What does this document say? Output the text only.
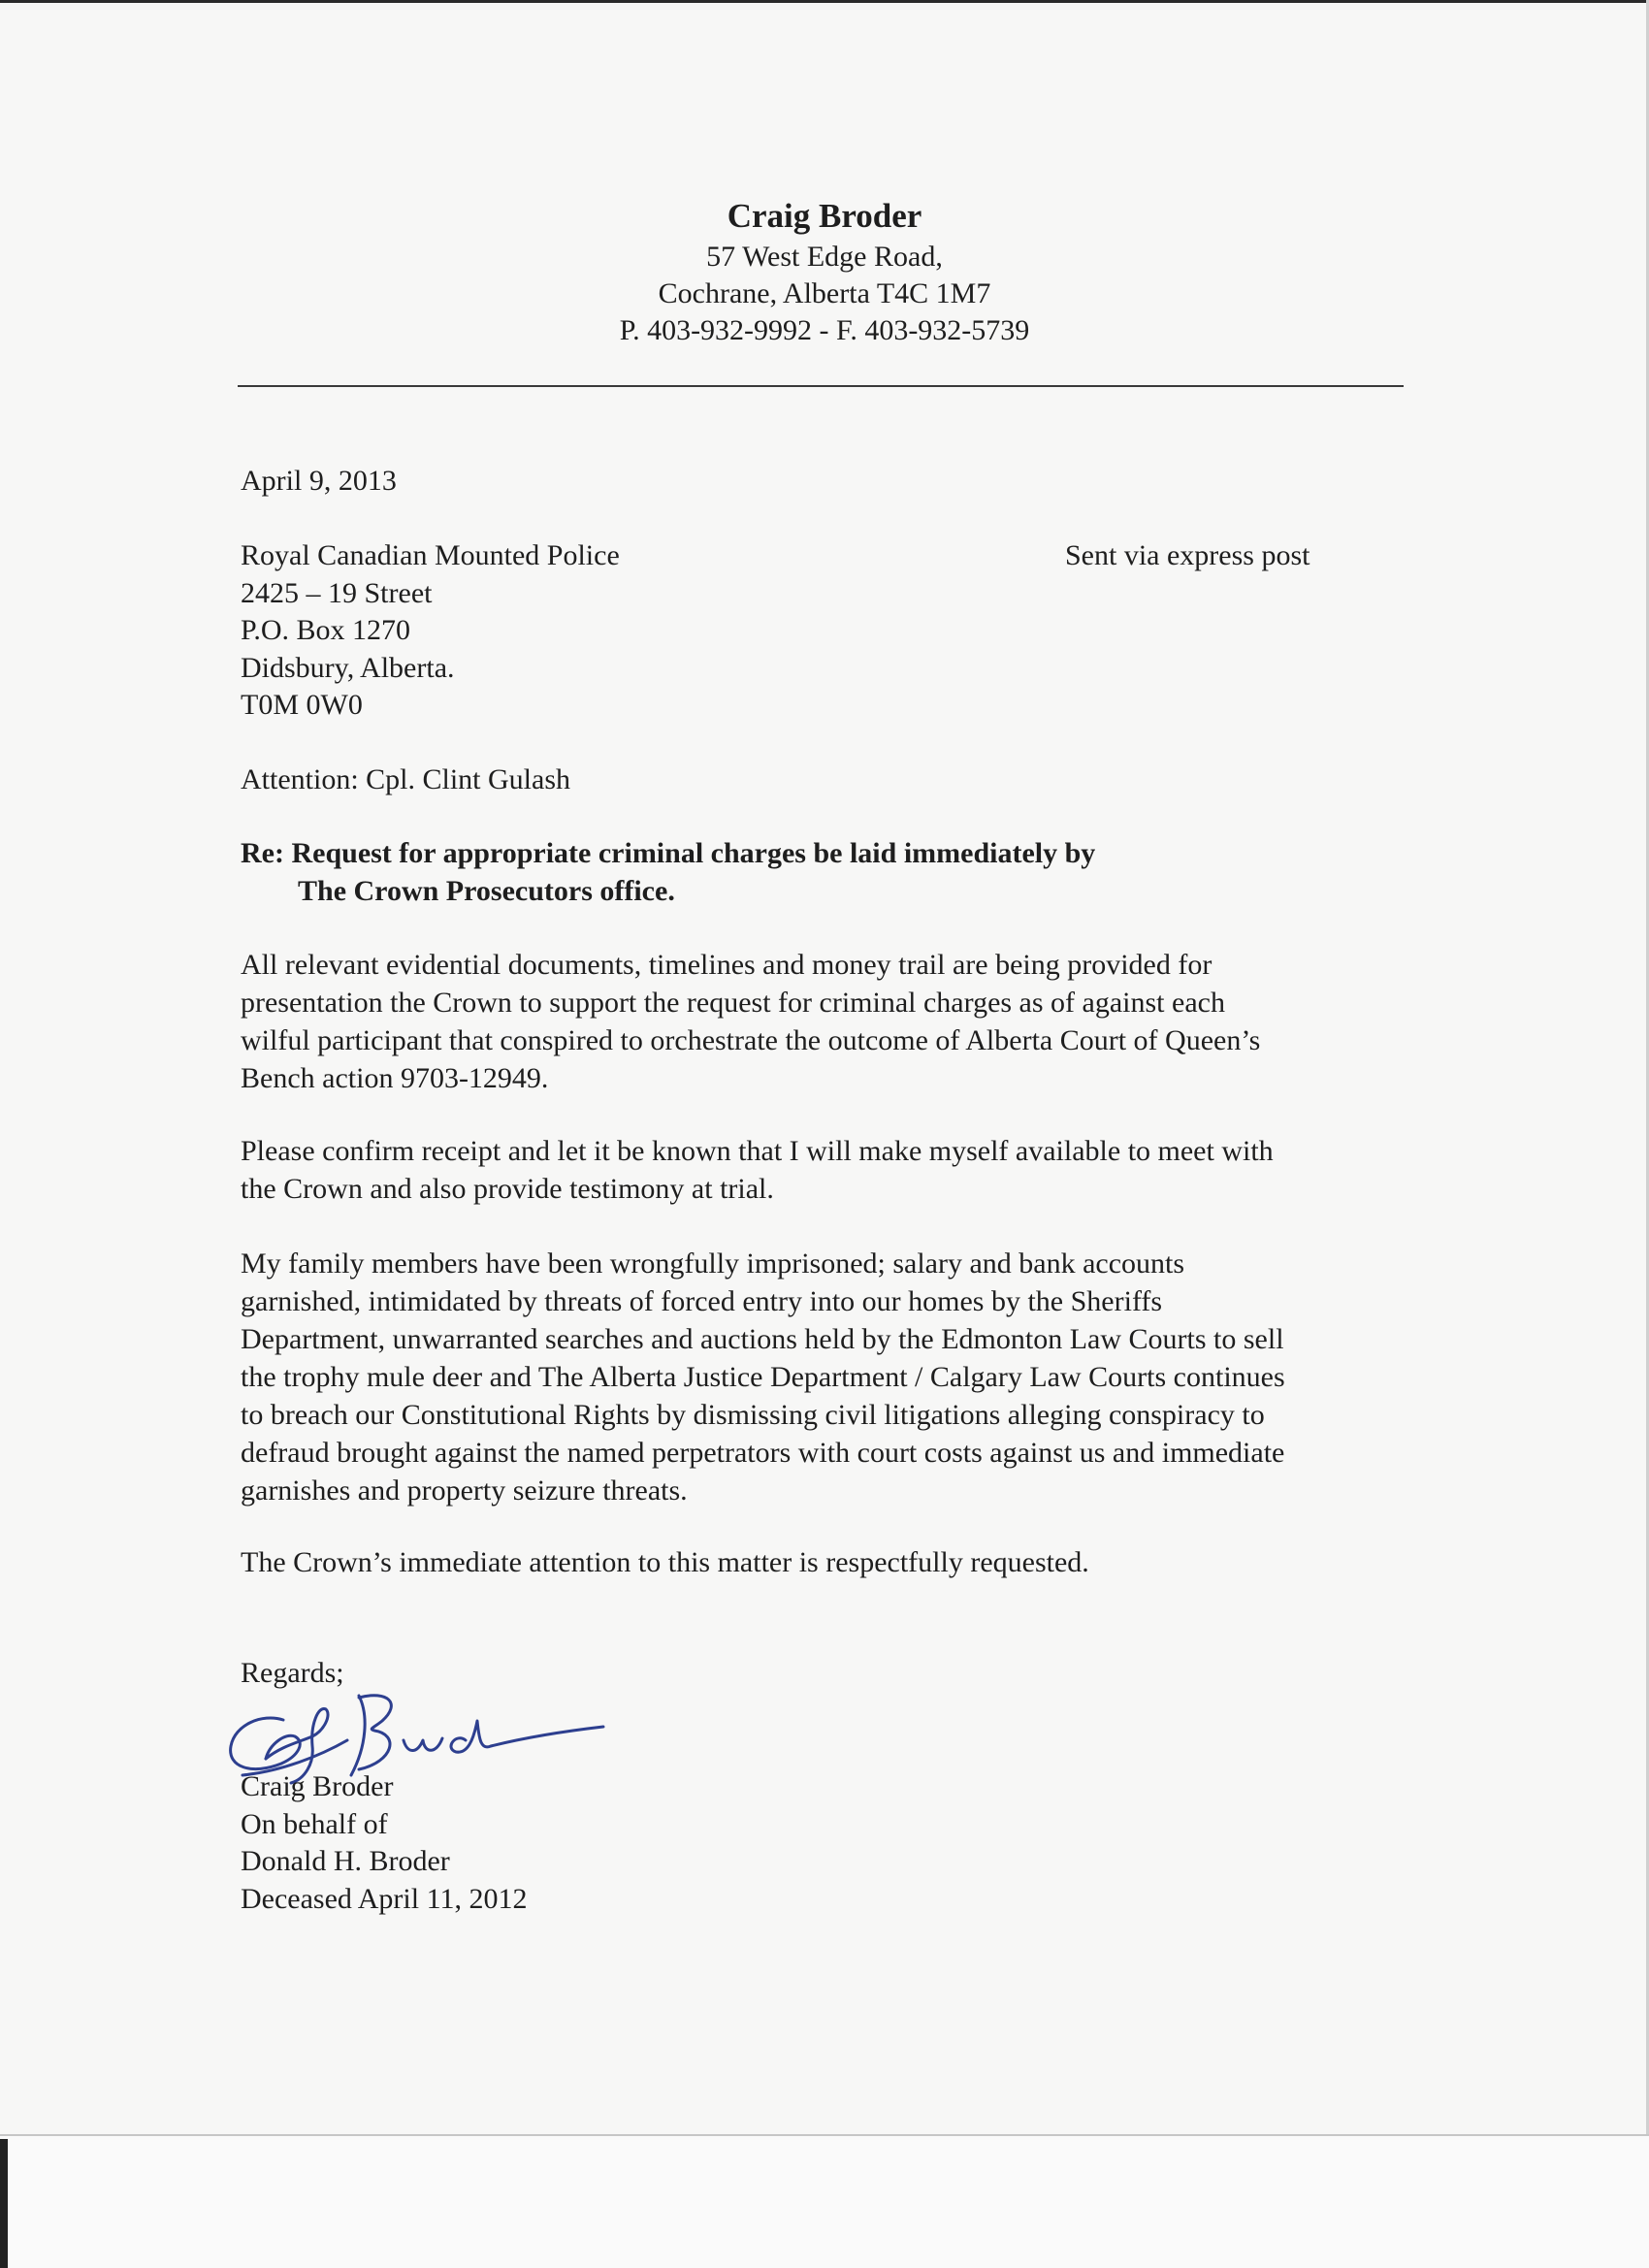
Craig Broder
57 West Edge Road,
Cochrane, Alberta T4C 1M7
P. 403-932-9992 - F. 403-932-5739
April 9, 2013
Royal Canadian Mounted Police
2425 – 19 Street
P.O. Box 1270
Didsbury, Alberta.
T0M 0W0
Sent via express post
Attention: Cpl. Clint Gulash
Re: Request for appropriate criminal charges be laid immediately by
The Crown Prosecutors office.
All relevant evidential documents, timelines and money trail are being provided for
presentation the Crown to support the request for criminal charges as of against each
wilful participant that conspired to orchestrate the outcome of Alberta Court of Queen’s
Bench action 9703-12949.
Please confirm receipt and let it be known that I will make myself available to meet with
the Crown and also provide testimony at trial.
My family members have been wrongfully imprisoned; salary and bank accounts
garnished, intimidated by threats of forced entry into our homes by the Sheriffs
Department, unwarranted searches and auctions held by the Edmonton Law Courts to sell
the trophy mule deer and The Alberta Justice Department / Calgary Law Courts continues
to breach our Constitutional Rights by dismissing civil litigations alleging conspiracy to
defraud brought against the named perpetrators with court costs against us and immediate
garnishes and property seizure threats.
The Crown’s immediate attention to this matter is respectfully requested.
Regards;
Craig Broder
On behalf of
Donald H. Broder
Deceased April 11, 2012
